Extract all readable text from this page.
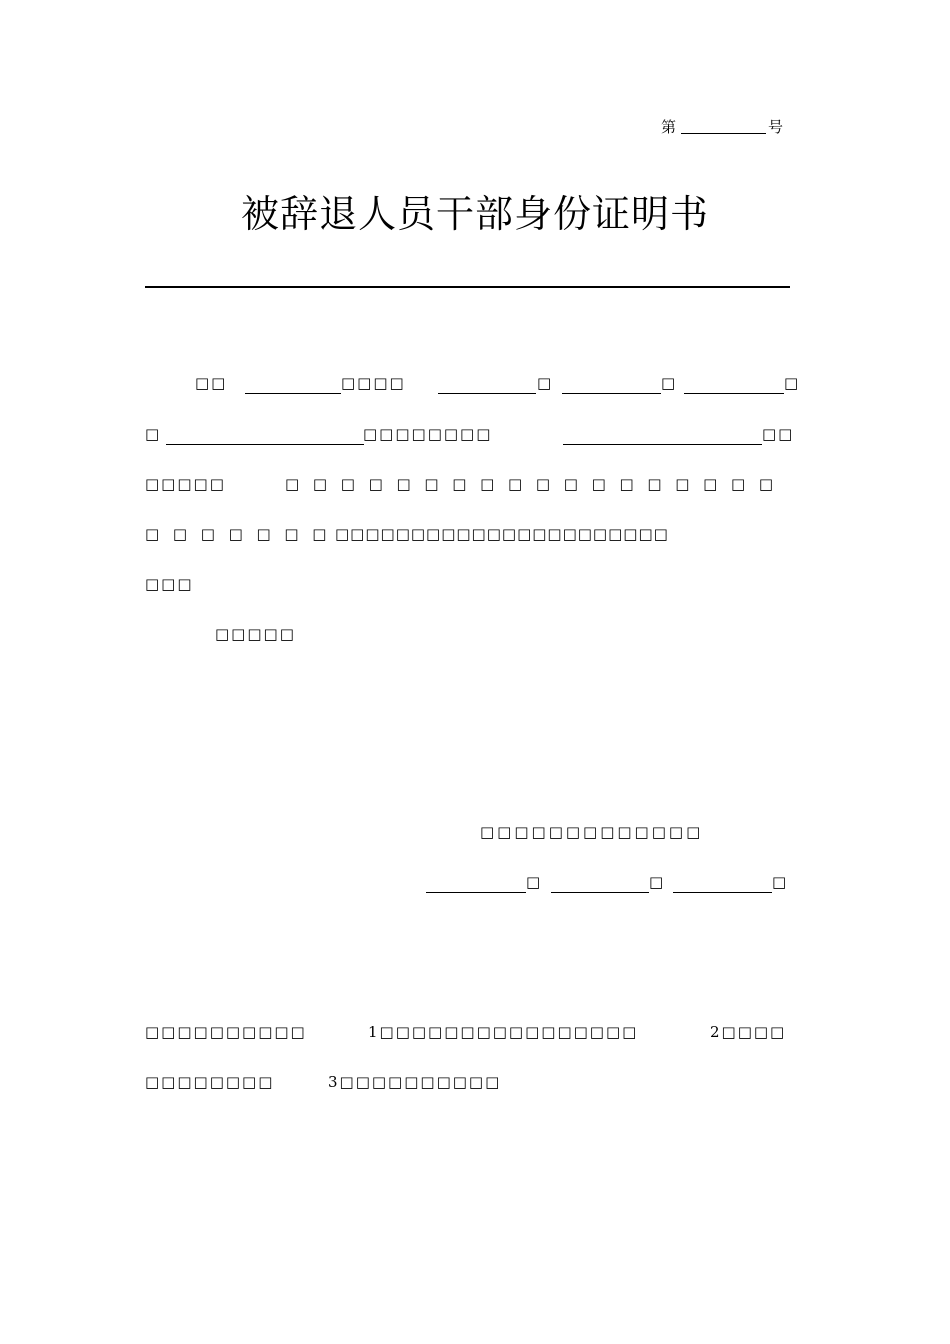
第	号
被辞退人员干部身份证明书
□□	□□□□	□	□	□
□	□□□□□□□□	□□
□□□□□	□□□□□□□□□□□□□□□□□□
□□□□□□□
□□□□□□□□□□□□□□□□□□□□□□
□□□
□□□□□
□□□□□□□□□□□□□
□	□	□
□□□□□□□□□□	1□□□□□□□□□□□□□□□□	2□□□□
□□□□□□□□	3□□□□□□□□□□
